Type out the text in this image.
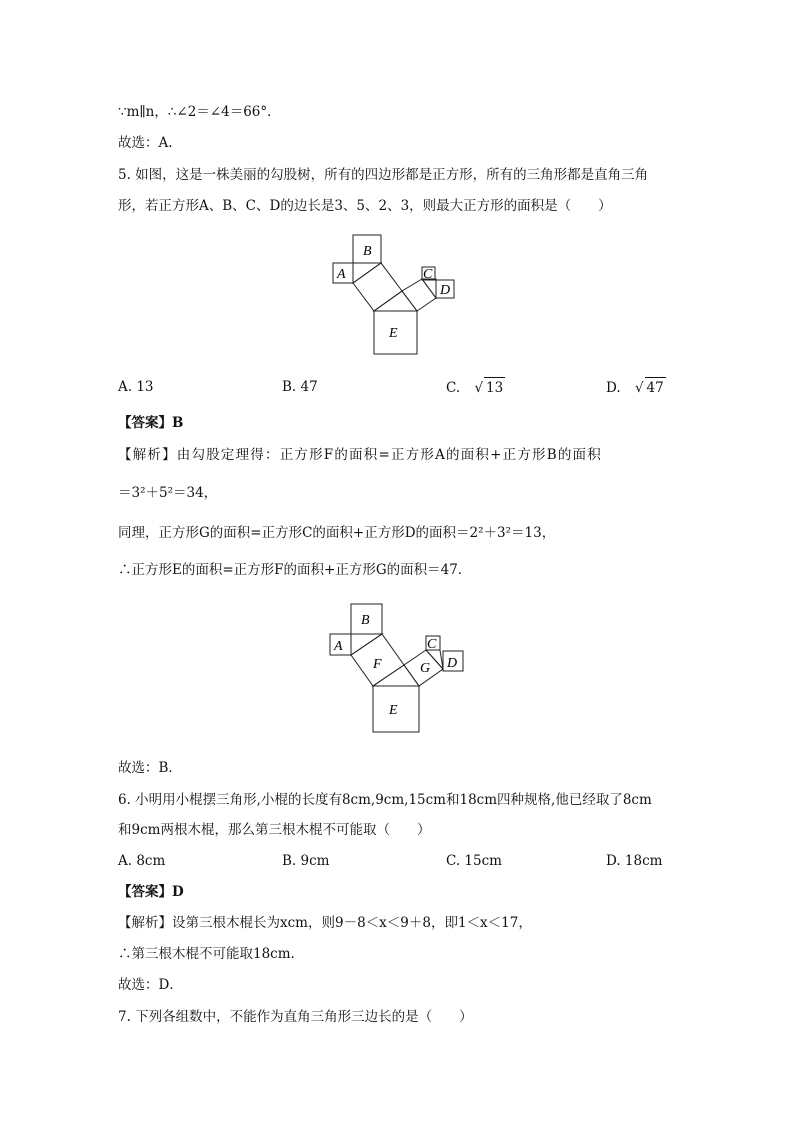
∵m∥n，∴∠2＝∠4＝66°．
故选：A.
5. 如图，这是一株美丽的勾股树，所有的四边形都是正方形，所有的三角形都是直角三角
形，若正方形A、B、C、D的边长是3、5、2、3，则最大正方形的面积是（　　）
B
A	C
D
E
A. 13	B. 47	C. √ 13	D. √ 47
【答案】B
【解析】由勾股定理得：正方形F的面积=正方形A的面积+正方形B的面积
＝3²＋5²＝34，
同理，正方形G的面积=正方形C的面积+正方形D的面积＝2²＋3²＝13，
∴正方形E的面积=正方形F的面积+正方形G的面积＝47．
B
A
F
C
G D
E
故选：B．
6. 小明用小棍摆三角形,小棍的长度有8cm,9cm,15cm和18cm四种规格,他已经取了8cm
和9cm两根木棍，那么第三根木棍不可能取（　　）
A. 8cm	B. 9cm	C. 15cm	D. 18cm
【答案】D
【解析】设第三根木棍长为xcm，则9－8＜x＜9＋8，即1＜x＜17，
∴第三根木棍不可能取18cm.
故选：D．
7. 下列各组数中，不能作为直角三角形三边长的是（　　）
